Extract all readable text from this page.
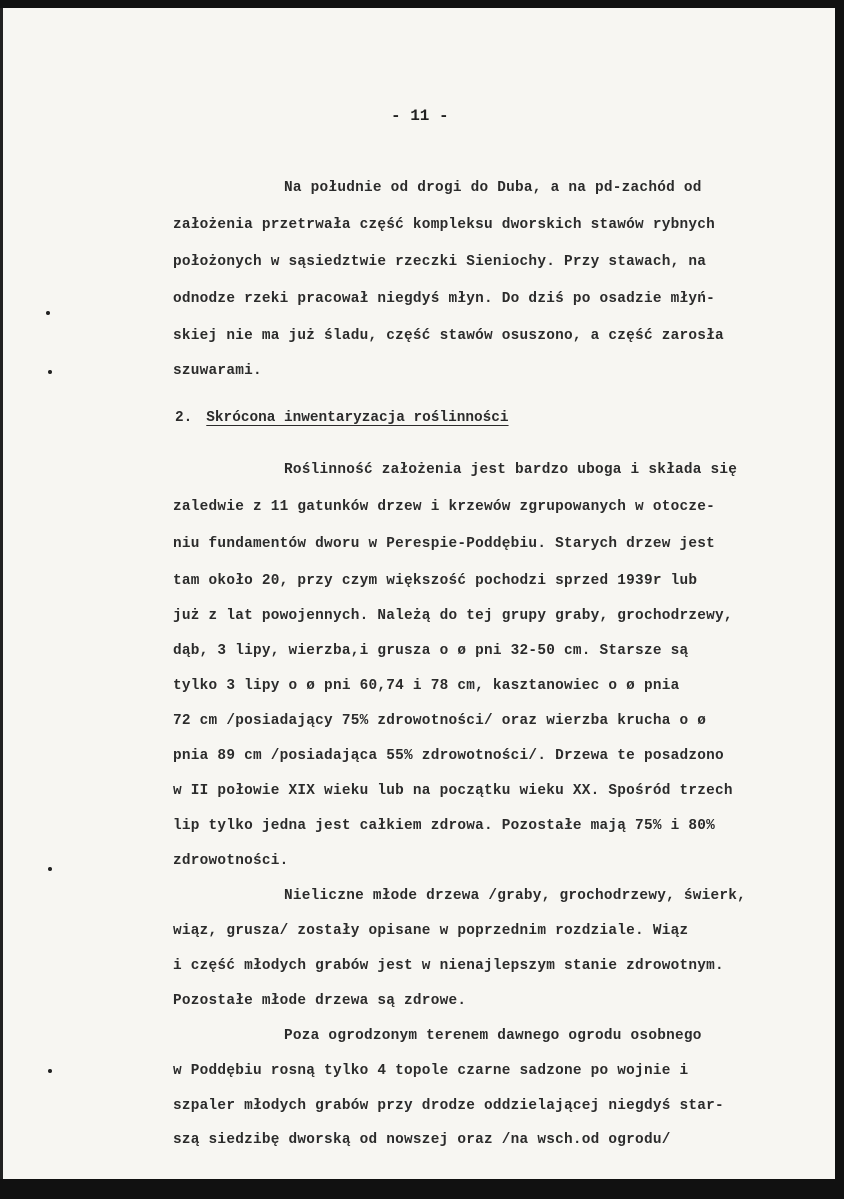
- 11 -
Na południe od drogi do Duba, a na pd-zachód od
założenia przetrwała część kompleksu dworskich stawów rybnych
położonych w sąsiedztwie rzeczki Sieniochy. Przy stawach, na
odnodze rzeki pracował niegdyś młyn. Do dziś po osadzie młyń-
skiej nie ma już śladu, część stawów osuszono, a część zarosła
szuwarami.
2. Skrócona inwentaryzacja roślinności
Roślinność założenia jest bardzo uboga i składa się
zaledwie z 11 gatunków drzew i krzewów zgrupowanych w otocze-
niu fundamentów dworu w Perespie-Poddębiu. Starych drzew jest
tam około 20, przy czym większość pochodzi sprzed 1939r lub
już z lat powojennych. Należą do tej grupy graby, grochodrzewy,
dąb, 3 lipy, wierzba,i grusza o ø pni 32-50 cm. Starsze są
tylko 3 lipy o ø pni 60,74 i 78 cm, kasztanowiec o ø pnia
72 cm /posiadający 75% zdrowotności/ oraz wierzba krucha o ø
pnia 89 cm /posiadająca 55% zdrowotności/. Drzewa te posadzono
w II połowie XIX wieku lub na początku wieku XX. Spośród trzech
lip tylko jedna jest całkiem zdrowa. Pozostałe mają 75% i 80%
zdrowotności.
Nieliczne młode drzewa /graby, grochodrzewy, świerk,
wiąz, grusza/ zostały opisane w poprzednim rozdziale. Wiąz
i część młodych grabów jest w nienajlepszym stanie zdrowotnym.
Pozostałe młode drzewa są zdrowe.
Poza ogrodzonym terenem dawnego ogrodu osobnego
w Poddębiu rosną tylko 4 topole czarne sadzone po wojnie i
szpaler młodych grabów przy drodze oddzielającej niegdyś star-
szą siedzibę dworską od nowszej oraz /na wsch.od ogrodu/
